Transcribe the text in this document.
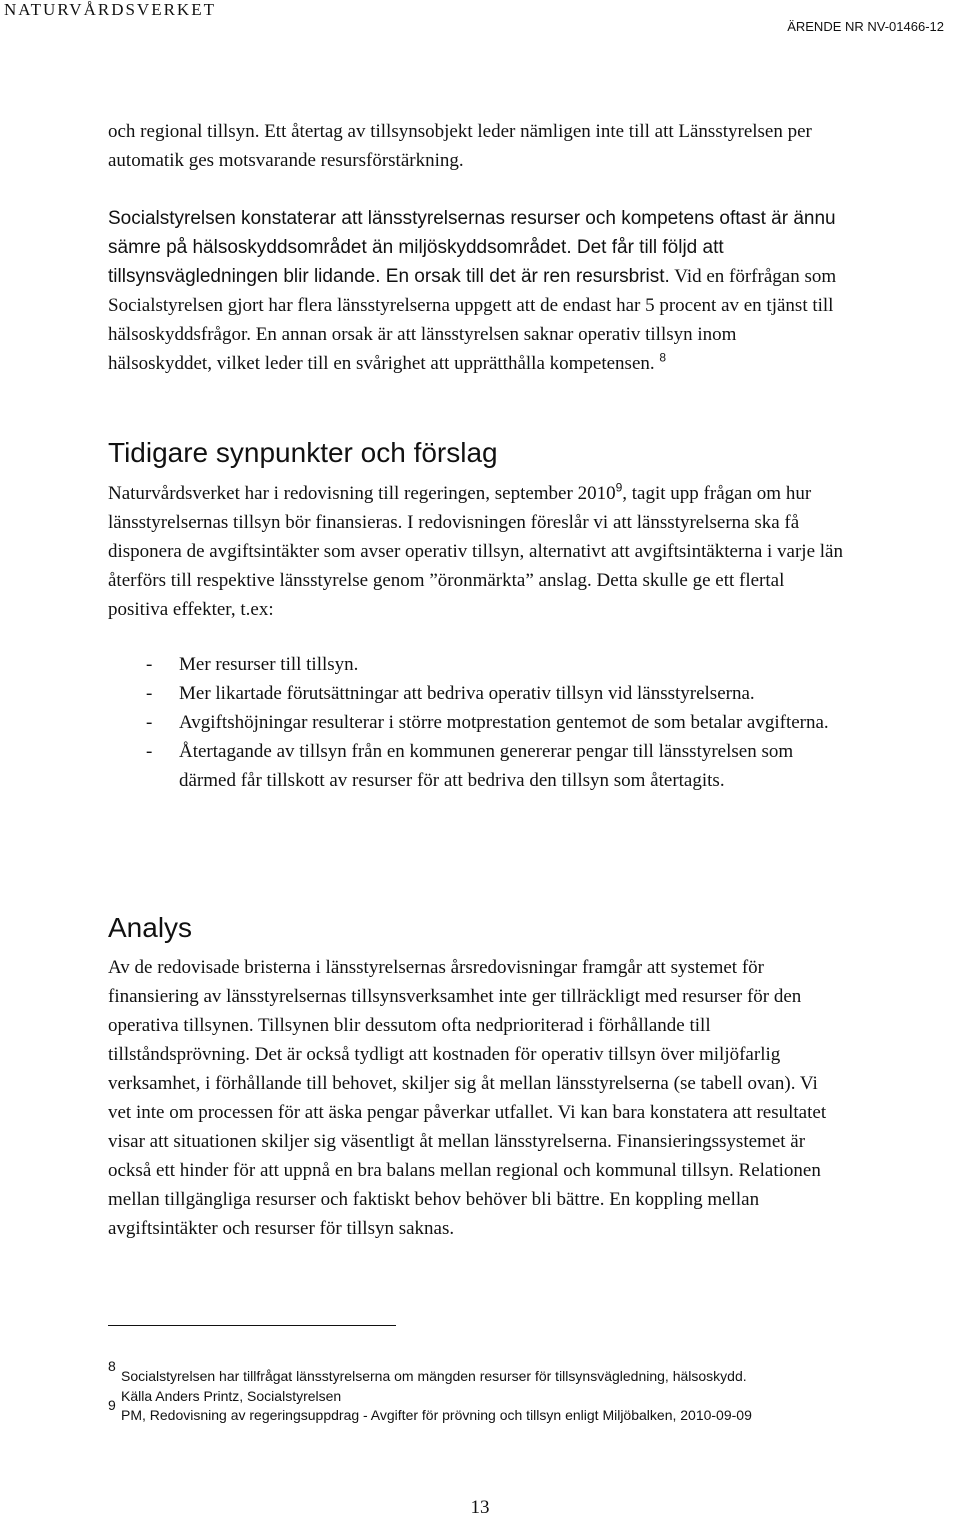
NATURVÅRDSVERKET
ÄRENDE NR NV-01466-12

och regional tillsyn. Ett återtag av tillsynsobjekt leder nämligen inte till att Länsstyrelsen per automatik ges motsvarande resursförstärkning.

Socialstyrelsen konstaterar att länsstyrelsernas resurser och kompetens oftast är ännu sämre på hälsoskyddsområdet än miljöskyddsområdet. Det får till följd att tillsynsvägledningen blir lidande. En orsak till det är ren resursbrist. Vid en förfrågan som Socialstyrelsen gjort har flera länsstyrelserna uppgett att de endast har 5 procent av en tjänst till hälsoskyddsfrågor. En annan orsak är att länsstyrelsen saknar operativ tillsyn inom hälsoskyddet, vilket leder till en svårighet att upprätthålla kompetensen. $^8$

Tidigare synpunkter och förslag

Naturvårdsverket har i redovisning till regeringen, september 2010$^9$, tagit upp frågan om hur länsstyrelsernas tillsyn bör finansieras. I redovisningen föreslår vi att länsstyrelserna ska få disponera de avgiftsintäkter som avser operativ tillsyn, alternativt att avgiftsintäkterna i varje län återförs till respektive länsstyrelse genom ”öronmärkta” anslag. Detta skulle ge ett flertal positiva effekter, t.ex:

- Mer resurser till tillsyn.
- Mer likartade förutsättningar att bedriva operativ tillsyn vid länsstyrelserna.
- Avgiftshöjningar resulterar i större motprestation gentemot de som betalar avgifterna.
- Återtagande av tillsyn från en kommunen genererar pengar till länsstyrelsen som därmed får tillskott av resurser för att bedriva den tillsyn som återtagits.
Analys

Av de redovisade bristerna i länsstyrelsernas årsredovisningar framgår att systemet för finansiering av länsstyrelsernas tillsynsverksamhet inte ger tillräckligt med resurser för den operativa tillsynen. Tillsynen blir dessutom ofta nedprioriterad i förhållande till tillståndsprövning. Det är också tydligt att kostnaden för operativ tillsyn över miljöfarlig verksamhet, i förhållande till behovet, skiljer sig åt mellan länsstyrelserna (se tabell ovan). Vi vet inte om processen för att äska pengar påverkar utfallet. Vi kan bara konstatera att resultatet visar att situationen skiljer sig väsentligt åt mellan länsstyrelserna. Finansieringssystemet är också ett hinder för att uppnå en bra balans mellan regional och kommunal tillsyn. Relationen mellan tillgängliga resurser och faktiskt behov behöver bli bättre. En koppling mellan avgiftsintäkter och resurser för tillsyn saknas.

8
Socialstyrelsen har tillfrågat länsstyrelserna om mängden resurser för tillsynsvägledning, hälsoskydd.
Källa Anders Printz, Socialstyrelsen
9
PM, Redovisning av regeringsuppdrag - Avgifter för prövning och tillsyn enligt Miljöbalken, 2010-09-09
13
